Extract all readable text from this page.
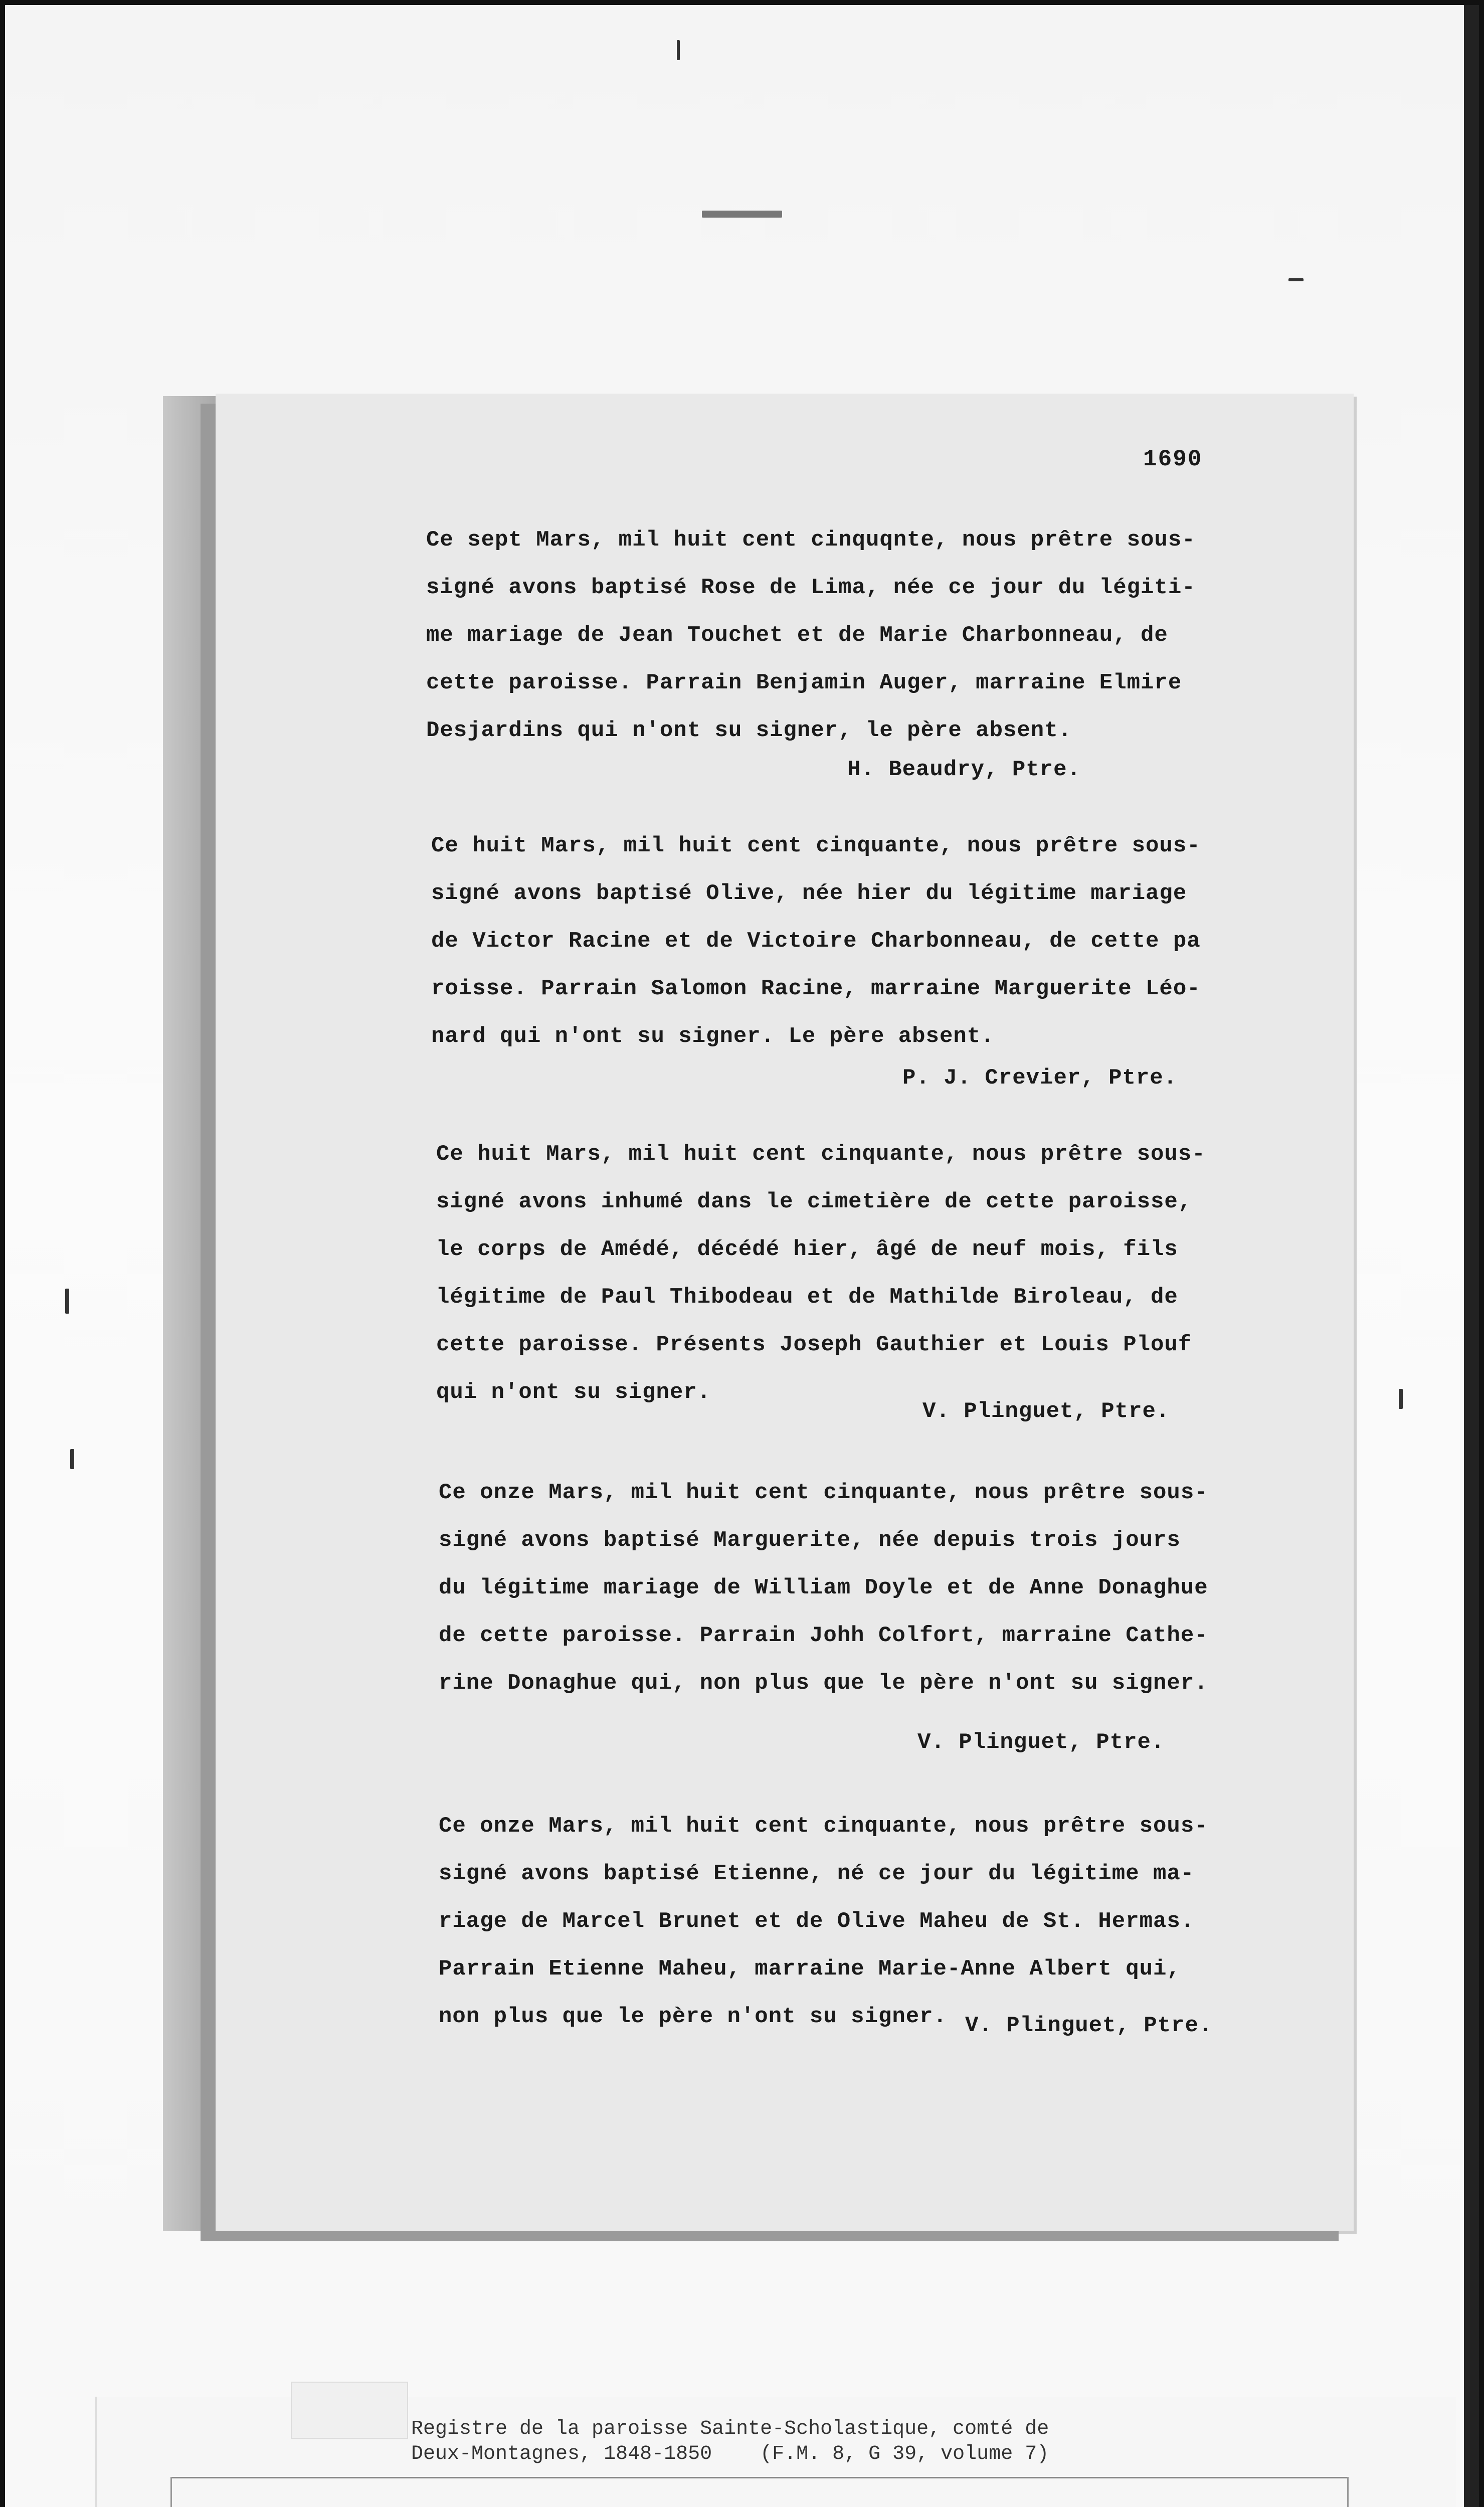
1690
Ce sept Mars, mil huit cent cinquqnte, nous prêtre sous-
signé avons baptisé Rose de Lima, née ce jour du légiti-
me mariage de Jean Touchet et de Marie Charbonneau, de
cette paroisse. Parrain Benjamin Auger, marraine Elmire
Desjardins qui n'ont su signer, le père absent.
H. Beaudry, Ptre.
Ce huit Mars, mil huit cent cinquante, nous prêtre sous-
signé avons baptisé Olive, née hier du légitime mariage
de Victor Racine et de Victoire Charbonneau, de cette pa
roisse. Parrain Salomon Racine, marraine Marguerite Léo-
nard qui n'ont su signer. Le père absent.
P. J. Crevier, Ptre.
Ce huit Mars, mil huit cent cinquante, nous prêtre sous-
signé avons inhumé dans le cimetière de cette paroisse,
le corps de Amédé, décédé hier, âgé de neuf mois, fils
légitime de Paul Thibodeau et de Mathilde Biroleau, de
cette paroisse. Présents Joseph Gauthier et Louis Plouf
qui n'ont su signer.
V. Plinguet, Ptre.
Ce onze Mars, mil huit cent cinquante, nous prêtre sous-
signé avons baptisé Marguerite, née depuis trois jours
du légitime mariage de William Doyle et de Anne Donaghue
de cette paroisse. Parrain Johh Colfort, marraine Cathe-
rine Donaghue qui, non plus que le père n'ont su signer.
V. Plinguet, Ptre.
Ce onze Mars, mil huit cent cinquante, nous prêtre sous-
signé avons baptisé Etienne, né ce jour du légitime ma-
riage de Marcel Brunet et de Olive Maheu de St. Hermas.
Parrain Etienne Maheu, marraine Marie-Anne Albert qui,
non plus que le père n'ont su signer. V. Plinguet, Ptre.
Registre de la paroisse Sainte-Scholastique, comté de
Deux-Montagnes, 1848-1850    (F.M. 8, G 39, volume 7)
